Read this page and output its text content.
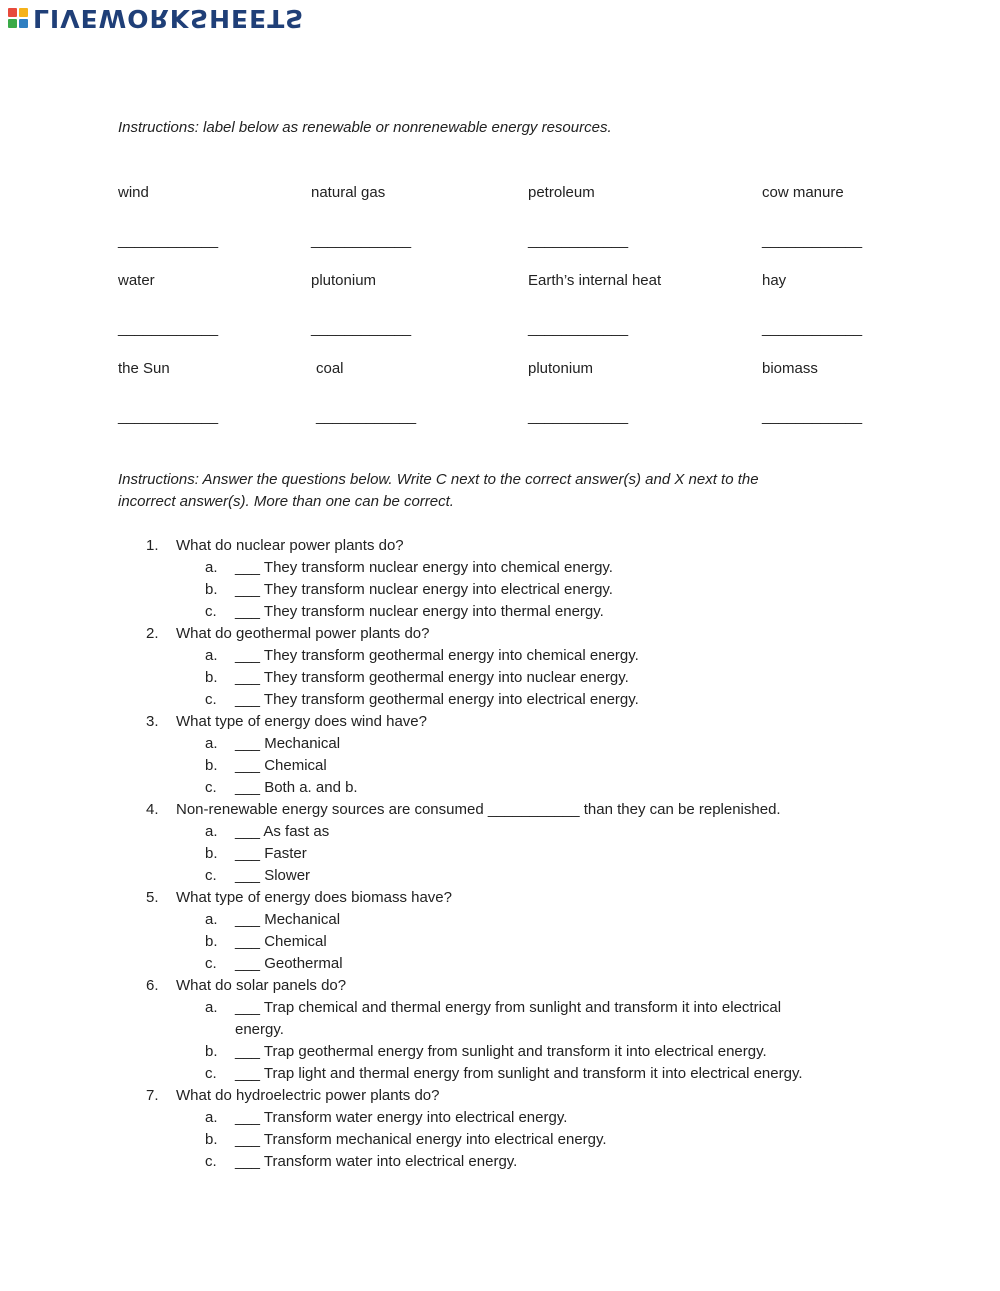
LIVEWORKSHEETS
Instructions: label below as renewable or nonrenewable energy resources.
wind
____________
natural gas
____________
petroleum
____________
cow manure
____________
water
____________
plutonium
____________
Earth’s internal heat
____________
hay
____________
the Sun
____________
coal
____________
plutonium
____________
biomass
____________
Instructions: Answer the questions below. Write C next to the correct answer(s) and X next to the
incorrect answer(s). More than one can be correct.
1. What do nuclear power plants do?
a. ___ They transform nuclear energy into chemical energy.
b. ___ They transform nuclear energy into electrical energy.
c. ___ They transform nuclear energy into thermal energy.
2. What do geothermal power plants do?
a. ___ They transform geothermal energy into chemical energy.
b. ___ They transform geothermal energy into nuclear energy.
c. ___ They transform geothermal energy into electrical energy.
3. What type of energy does wind have?
a. ___ Mechanical
b. ___ Chemical
c. ___ Both a. and b.
4. Non-renewable energy sources are consumed ___________ than they can be replenished.
a. ___ As fast as
b. ___ Faster
c. ___ Slower
5. What type of energy does biomass have?
a. ___ Mechanical
b. ___ Chemical
c. ___ Geothermal
6. What do solar panels do?
a. ___ Trap chemical and thermal energy from sunlight and transform it into electrical
energy.
b. ___ Trap geothermal energy from sunlight and transform it into electrical energy.
c. ___ Trap light and thermal energy from sunlight and transform it into electrical energy.
7. What do hydroelectric power plants do?
a. ___ Transform water energy into electrical energy.
b. ___ Transform mechanical energy into electrical energy.
c. ___ Transform water into electrical energy.
